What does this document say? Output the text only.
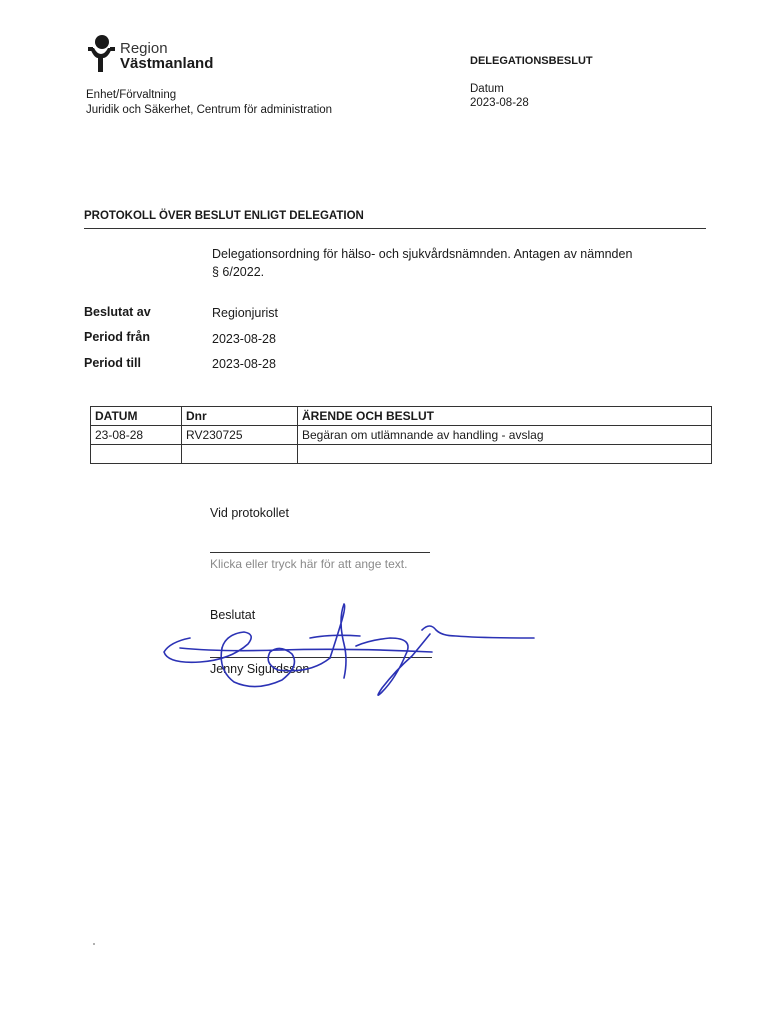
Region
Västmanland	DELEGATIONSBESLUT
Datum
2023-08-28
Enhet/Förvaltning
Juridik och Säkerhet, Centrum för administration
PROTOKOLL ÖVER BESLUT ENLIGT DELEGATION
Delegationsordning för hälso- och sjukvårdsnämnden. Antagen av nämnden
§ 6/2022.
Beslutat av	Regionjurist
Period från	2023-08-28
Period till	2023-08-28
DATUM	Dnr	ÄRENDE OCH BESLUT
23-08-28	RV230725	Begäran om utlämnande av handling - avslag

Vid protokollet
Klicka eller tryck här för att ange text.
Beslutat
Jenny Sigurdsson
